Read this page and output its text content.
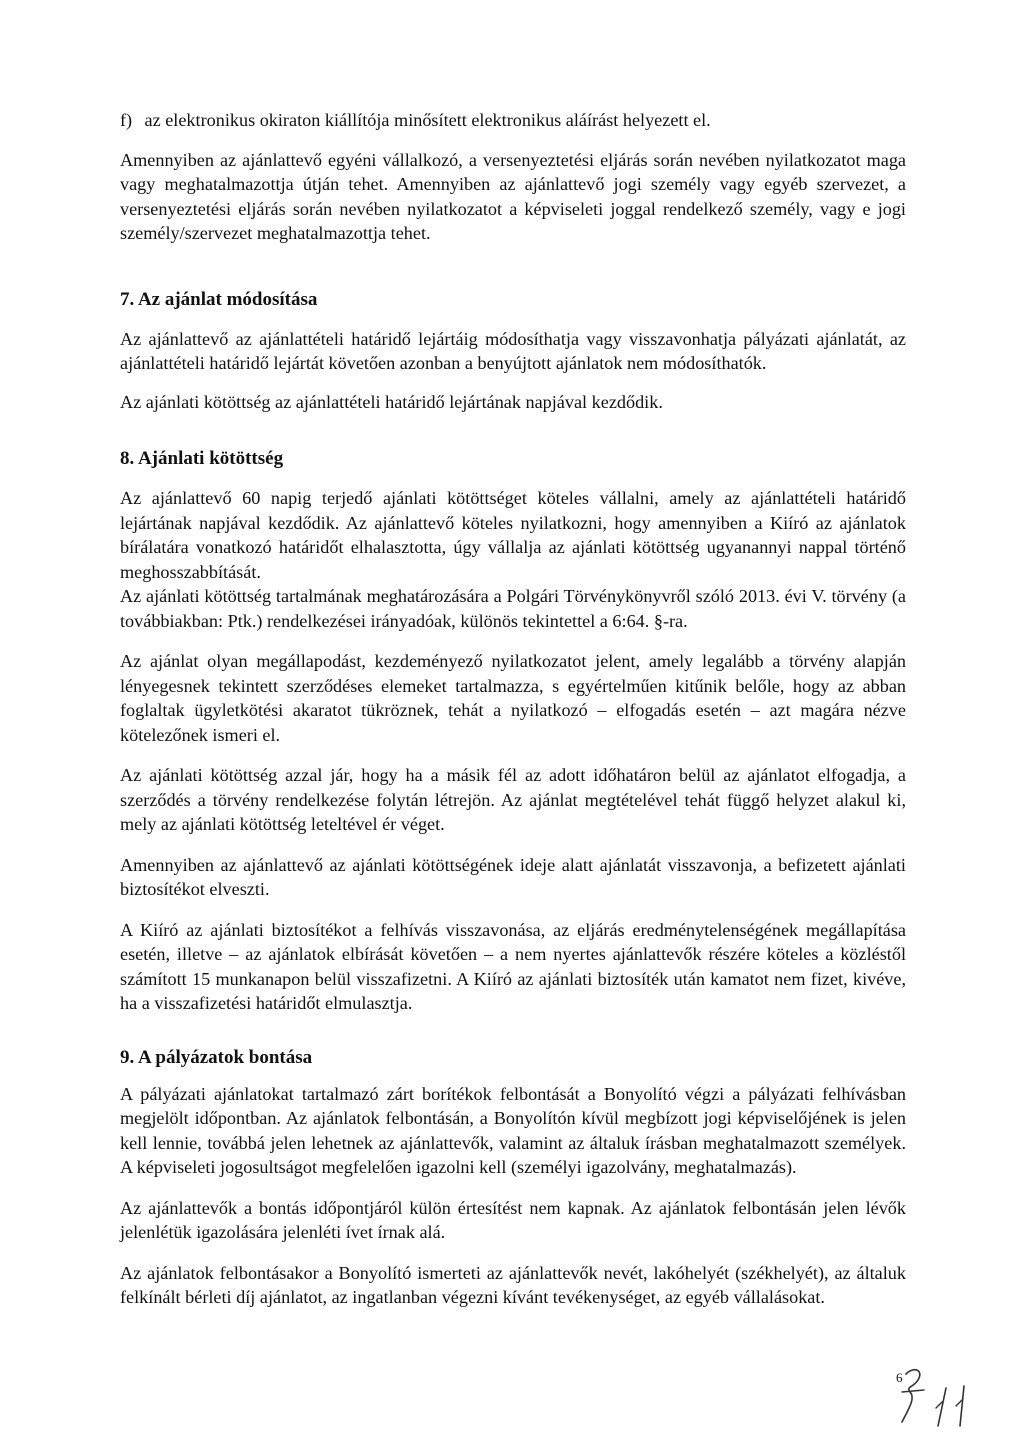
f) az elektronikus okiraton kiállítója minősített elektronikus aláírást helyezett el.

Amennyiben az ajánlattevő egyéni vállalkozó, a versenyeztetési eljárás során nevében nyilatkozatot maga vagy meghatalmazottja útján tehet. Amennyiben az ajánlattevő jogi személy vagy egyéb szervezet, a versenyeztetési eljárás során nevében nyilatkozatot a képviseleti joggal rendelkező személy, vagy e jogi személy/szervezet meghatalmazottja tehet.

7. Az ajánlat módosítása

Az ajánlattevő az ajánlattételi határidő lejártáig módosíthatja vagy visszavonhatja pályázati ajánlatát, az ajánlattételi határidő lejártát követően azonban a benyújtott ajánlatok nem módosíthatók.

Az ajánlati kötöttség az ajánlattételi határidő lejártának napjával kezdődik.

8. Ajánlati kötöttség

Az ajánlattevő 60 napig terjedő ajánlati kötöttséget köteles vállalni, amely az ajánlattételi határidő lejártának napjával kezdődik. Az ajánlattevő köteles nyilatkozni, hogy amennyiben a Kiíró az ajánlatok bírálatára vonatkozó határidőt elhalasztotta, úgy vállalja az ajánlati kötöttség ugyanannyi nappal történő meghosszabbítását.

Az ajánlati kötöttség tartalmának meghatározására a Polgári Törvénykönyvről szóló 2013. évi V. törvény (a továbbiakban: Ptk.) rendelkezései irányadóak, különös tekintettel a 6:64. §-ra.

Az ajánlat olyan megállapodást, kezdeményező nyilatkozatot jelent, amely legalább a törvény alapján lényegesnek tekintett szerződéses elemeket tartalmazza, s egyértelműen kitűnik belőle, hogy az abban foglaltak ügyletkötési akaratot tükröznek, tehát a nyilatkozó – elfogadás esetén – azt magára nézve kötelezőnek ismeri el.

Az ajánlati kötöttség azzal jár, hogy ha a másik fél az adott időhatáron belül az ajánlatot elfogadja, a szerződés a törvény rendelkezése folytán létrejön. Az ajánlat megtételével tehát függő helyzet alakul ki, mely az ajánlati kötöttség leteltével ér véget.

Amennyiben az ajánlattevő az ajánlati kötöttségének ideje alatt ajánlatát visszavonja, a befizetett ajánlati biztosítékot elveszti.

A Kiíró az ajánlati biztosítékot a felhívás visszavonása, az eljárás eredménytelenségének megállapítása esetén, illetve – az ajánlatok elbírását követően – a nem nyertes ajánlattevők részére köteles a közléstől számított 15 munkanapon belül visszafizetni. A Kiíró az ajánlati biztosíték után kamatot nem fizet, kivéve, ha a visszafizetési határidőt elmulasztja.

9. A pályázatok bontása

A pályázati ajánlatokat tartalmazó zárt borítékok felbontását a Bonyolító végzi a pályázati felhívásban megjelölt időpontban. Az ajánlatok felbontásán, a Bonyolítón kívül megbízott jogi képviselőjének is jelen kell lennie, továbbá jelen lehetnek az ajánlattevők, valamint az általuk írásban meghatalmazott személyek. A képviseleti jogosultságot megfelelően igazolni kell (személyi igazolvány, meghatalmazás).

Az ajánlattevők a bontás időpontjáról külön értesítést nem kapnak. Az ajánlatok felbontásán jelen lévők jelenlétük igazolására jelenléti ívet írnak alá.

Az ajánlatok felbontásakor a Bonyolító ismerteti az ajánlattevők nevét, lakóhelyét (székhelyét), az általuk felkínált bérleti díj ajánlatot, az ingatlanban végezni kívánt tevékenységet, az egyéb vállalásokat.

6
